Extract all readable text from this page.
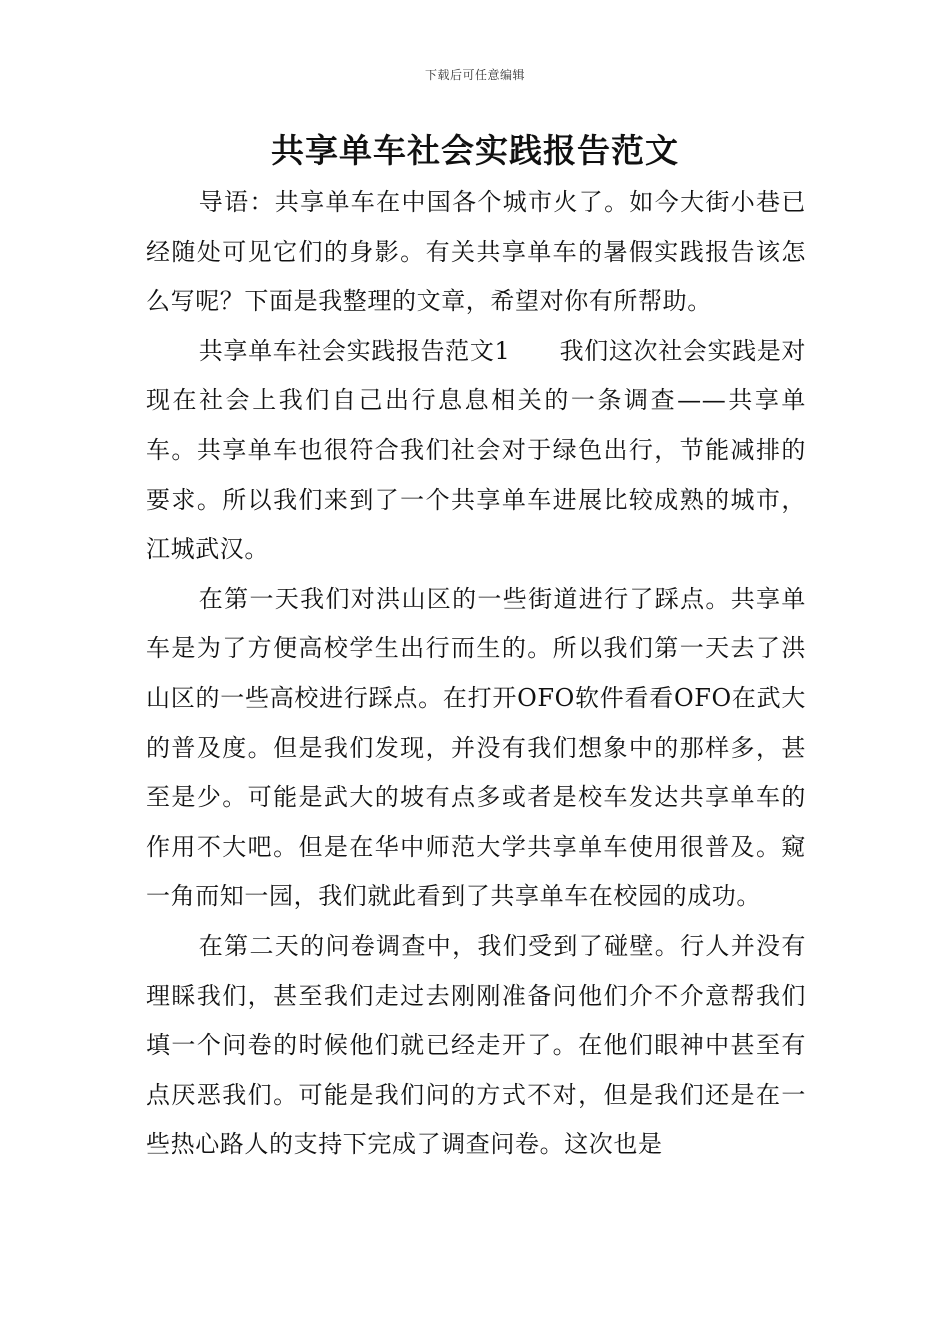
下载后可任意编辑
共享单车社会实践报告范文

导语：共享单车在中国各个城市火了。如今大街小巷已经随处可见它们的身影。有关共享单车的暑假实践报告该怎么写呢？下面是我整理的文章，希望对你有所帮助。

共享单车社会实践报告范文1　　我们这次社会实践是对现在社会上我们自己出行息息相关的一条调查——共享单车。共享单车也很符合我们社会对于绿色出行，节能减排的要求。所以我们来到了一个共享单车进展比较成熟的城市，江城武汉。

在第一天我们对洪山区的一些街道进行了踩点。共享单车是为了方便高校学生出行而生的。所以我们第一天去了洪山区的一些高校进行踩点。在打开OFO软件看看OFO在武大的普及度。但是我们发现，并没有我们想象中的那样多，甚至是少。可能是武大的坡有点多或者是校车发达共享单车的作用不大吧。但是在华中师范大学共享单车使用很普及。窥一角而知一园，我们就此看到了共享单车在校园的成功。

在第二天的问卷调查中，我们受到了碰壁。行人并没有理睬我们，甚至我们走过去刚刚准备问他们介不介意帮我们填一个问卷的时候他们就已经走开了。在他们眼神中甚至有点厌恶我们。可能是我们问的方式不对，但是我们还是在一些热心路人的支持下完成了调查问卷。这次也是
